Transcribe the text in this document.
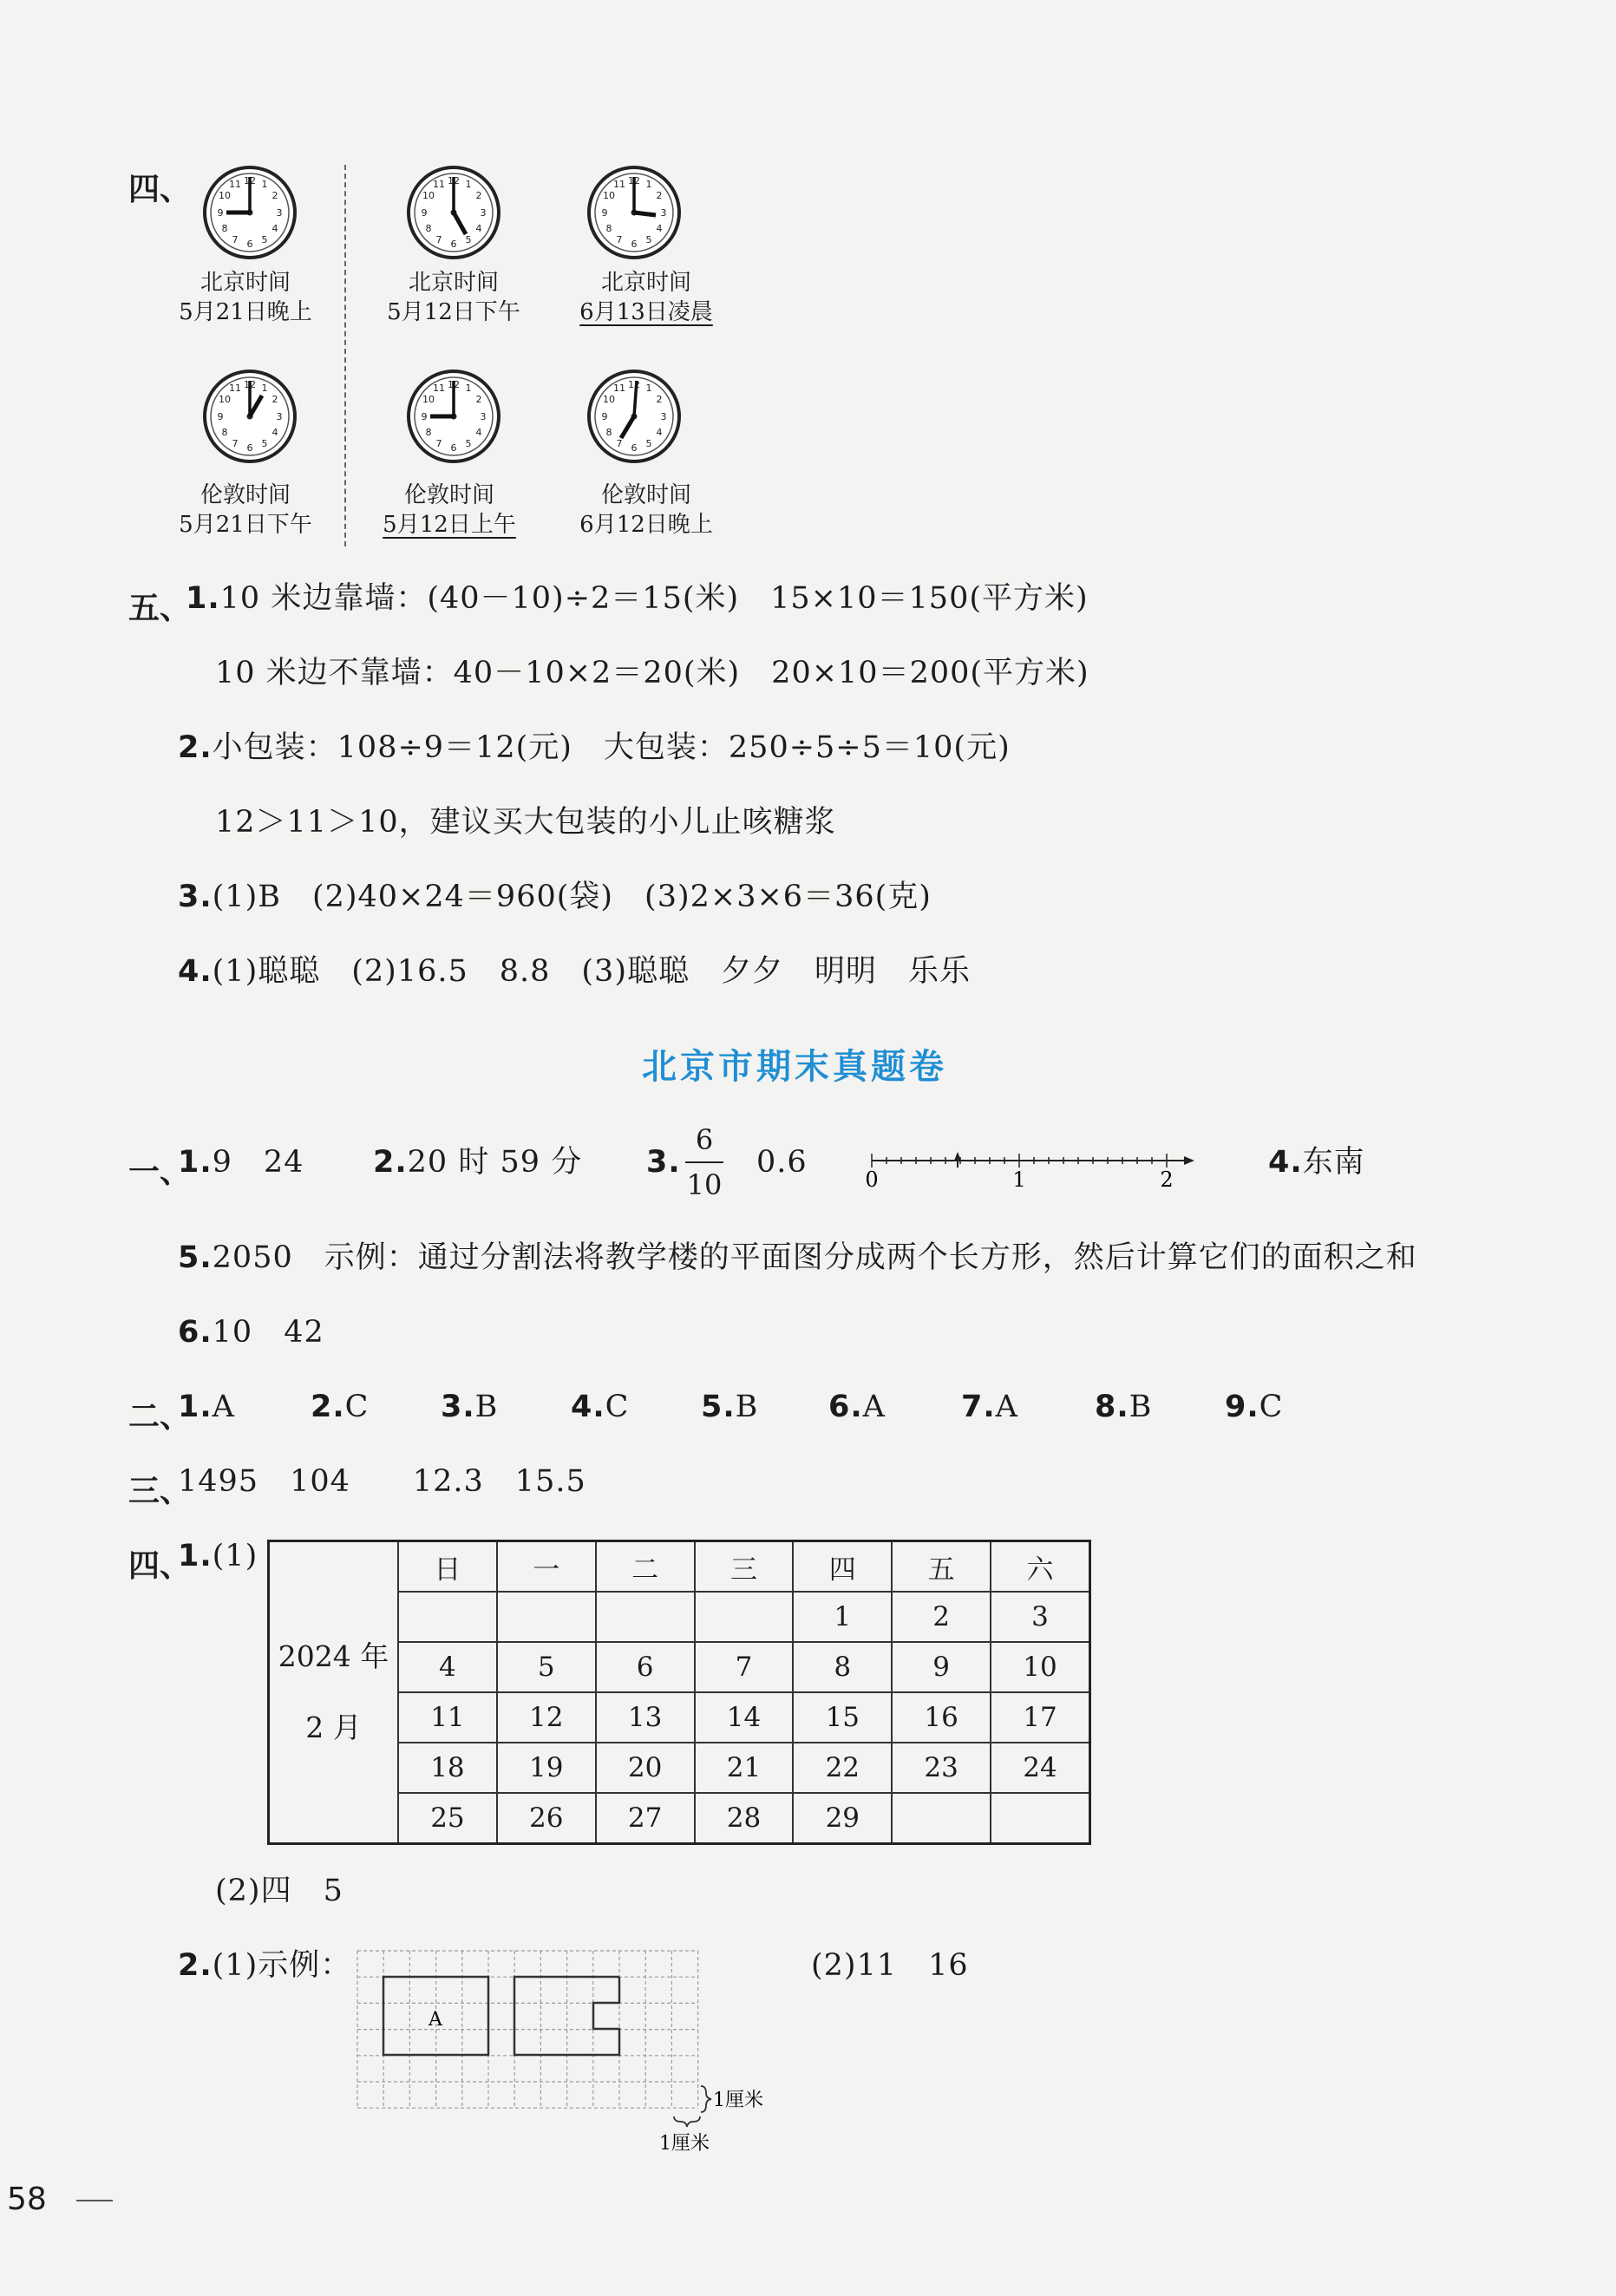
四、
北京时间
5月21日晚上
北京时间
5月12日下午
北京时间
6月13日凌晨
伦敦时间
5月21日下午
伦敦时间
5月12日上午
伦敦时间
6月12日晚上
五、
1.10 米边靠墙：(40－10)÷2＝15(米)　15×10＝150(平方米)
10 米边不靠墙：40－10×2＝20(米)　20×10＝200(平方米)
2.小包装：108÷9＝12(元)　大包装：250÷5÷5＝10(元)
12＞11＞10，建议买大包装的小儿止咳糖浆
3.(1)B　(2)40×24＝960(袋)　(3)2×3×6＝36(克)
4.(1)聪聪　(2)16.5　8.8　(3)聪聪　夕夕　明明　乐乐
北京市期末真题卷
一、
1.9　24 2.20 时 59 分 3.
6
10
0.6	0	1	2	4.东南
5.2050　示例：通过分割法将教学楼的平面图分成两个长方形，然后计算它们的面积之和
6.10　42
二、
1.A 2.C 3.B 4.C 5.B 6.A 7.A	8.B 9.C
三、
1495　104　　12.3　15.5
四、
1.(1)
2024 年
2 月	日	一	二	三	四	五	六
					1	2	3
	4	5	6	7	8	9	10
	11	12	13	14	15	16	17
	18	19	20	21	22	23	24
	25	26	27	28	29		
(2)四　5
2.(1)示例：
A
1厘米
1厘米
(2)11　16
58
